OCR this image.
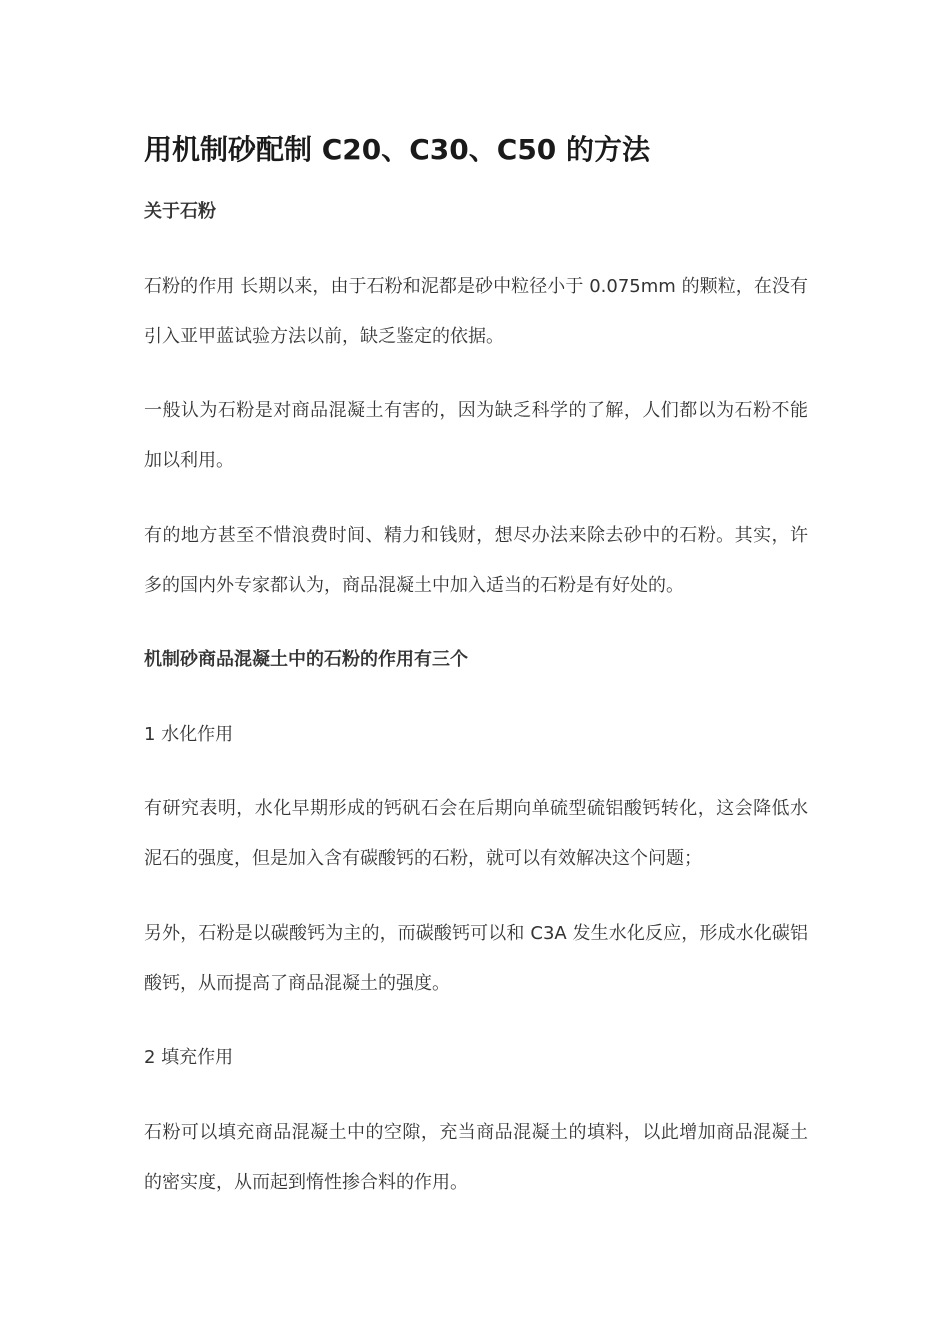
用机制砂配制 C20、C30、C50 的方法

关于石粉

石粉的作用 长期以来，由于石粉和泥都是砂中粒径小于 0.075mm 的颗粒，在没有引入亚甲蓝试验方法以前，缺乏鉴定的依据。

一般认为石粉是对商品混凝土有害的，因为缺乏科学的了解，人们都以为石粉不能加以利用。

有的地方甚至不惜浪费时间、精力和钱财，想尽办法来除去砂中的石粉。其实，许多的国内外专家都认为，商品混凝土中加入适当的石粉是有好处的。

机制砂商品混凝土中的石粉的作用有三个

1 水化作用

有研究表明，水化早期形成的钙矾石会在后期向单硫型硫铝酸钙转化，这会降低水泥石的强度，但是加入含有碳酸钙的石粉，就可以有效解决这个问题；

另外，石粉是以碳酸钙为主的，而碳酸钙可以和 C3A 发生水化反应，形成水化碳铝酸钙，从而提高了商品混凝土的强度。

2 填充作用

石粉可以填充商品混凝土中的空隙，充当商品混凝土的填料，以此增加商品混凝土的密实度，从而起到惰性掺合料的作用。
